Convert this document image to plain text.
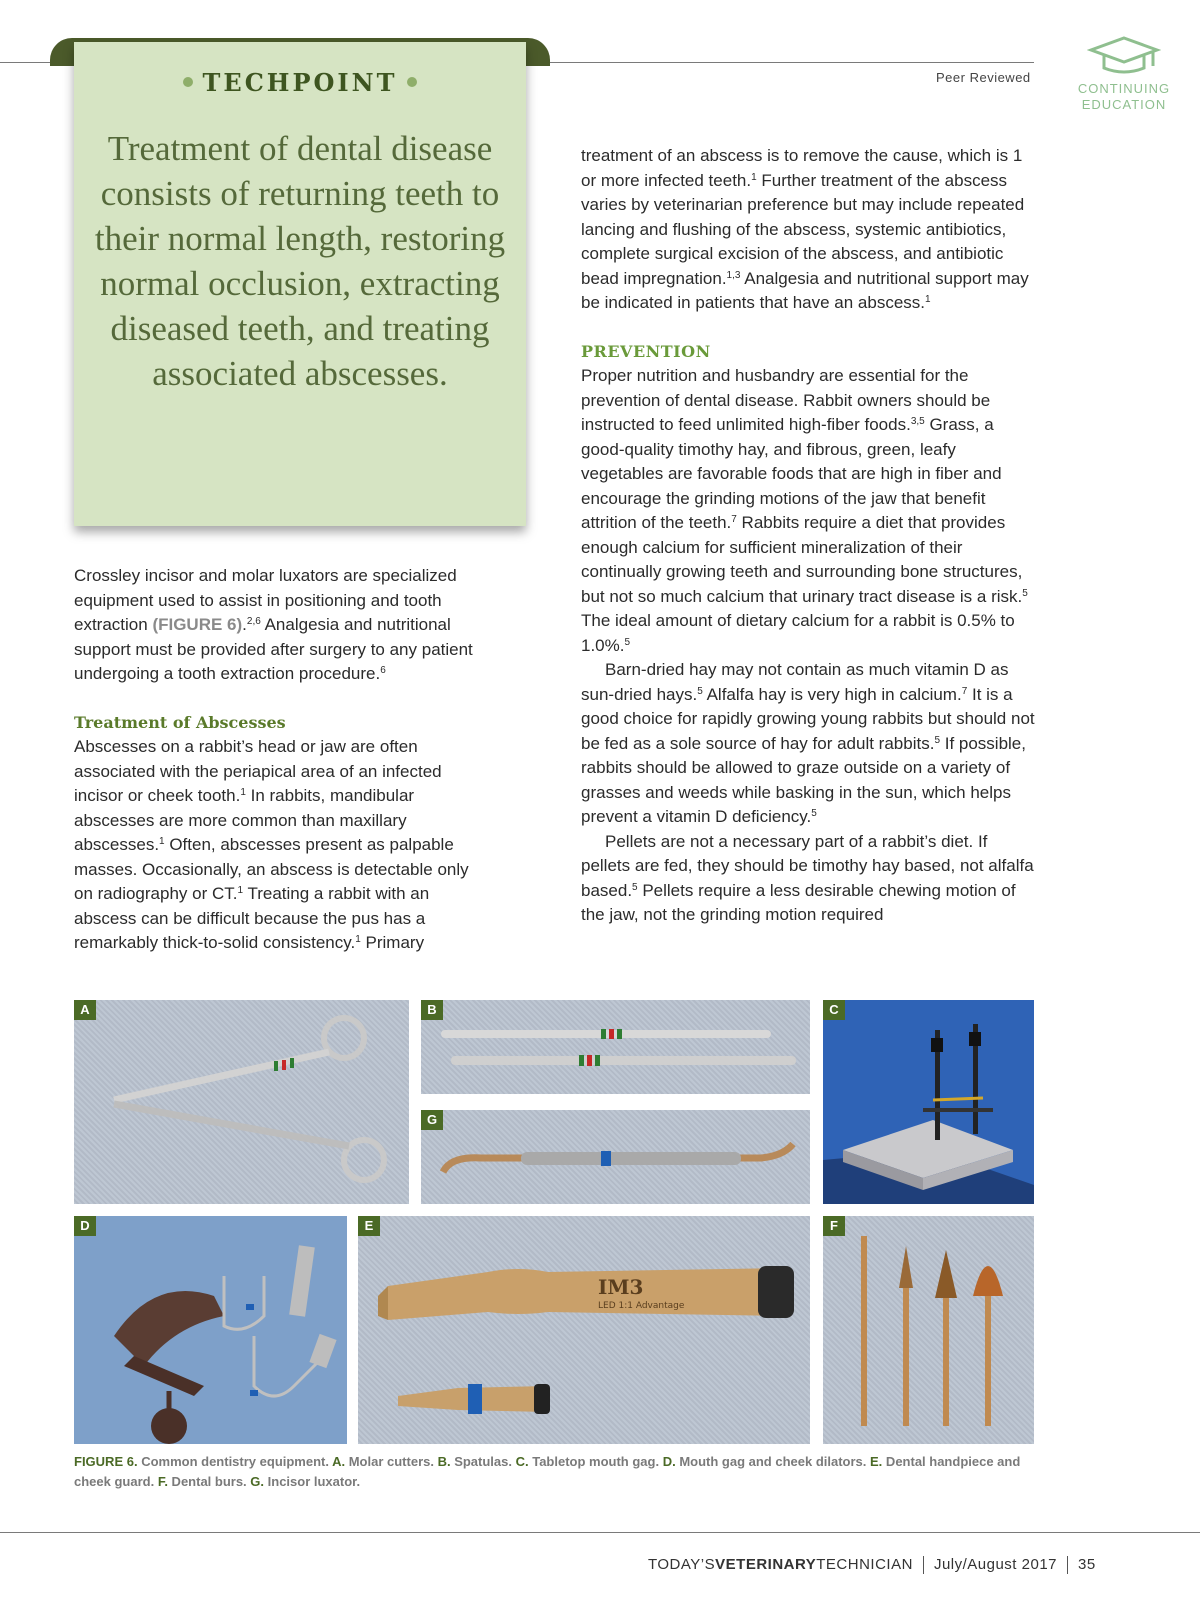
TECHPOINT
Treatment of dental disease consists of returning teeth to their normal length, restoring normal occlusion, extracting diseased teeth, and treating associated abscesses.
Peer Reviewed
CONTINUING
EDUCATION

Crossley incisor and molar luxators are specialized equipment used to assist in positioning and tooth extraction (FIGURE 6).$^{2,6}$ Analgesia and nutritional support must be provided after surgery to any patient undergoing a tooth extraction procedure.$^6$

Treatment of Abscesses

Abscesses on a rabbit’s head or jaw are often associated with the periapical area of an infected incisor or cheek tooth.$^1$ In rabbits, mandibular abscesses are more common than maxillary abscesses.$^1$ Often, abscesses present as palpable masses. Occasionally, an abscess is detectable only on radiography or CT.$^1$ Treating a rabbit with an abscess can be difficult because the pus has a remarkably thick-to-solid consistency.$^1$ Primary

treatment of an abscess is to remove the cause, which is 1 or more infected teeth.$^1$ Further treatment of the abscess varies by veterinarian preference but may include repeated lancing and flushing of the abscess, systemic antibiotics, complete surgical excision of the abscess, and antibiotic bead impregnation.$^{1,3}$ Analgesia and nutritional support may be indicated in patients that have an abscess.$^1$

PREVENTION

Proper nutrition and husbandry are essential for the prevention of dental disease. Rabbit owners should be instructed to feed unlimited high-fiber foods.$^{3,5}$ Grass, a good-quality timothy hay, and fibrous, green, leafy vegetables are favorable foods that are high in fiber and encourage the grinding motions of the jaw that benefit attrition of the teeth.$^7$ Rabbits require a diet that provides enough calcium for sufficient mineralization of their continually growing teeth and surrounding bone structures, but not so much calcium that urinary tract disease is a risk.$^5$ The ideal amount of dietary calcium for a rabbit is 0.5% to 1.0%.$^5$

Barn-dried hay may not contain as much vitamin D as sun-dried hays.$^5$ Alfalfa hay is very high in calcium.$^7$ It is a good choice for rapidly growing young rabbits but should not be fed as a sole source of hay for adult rabbits.$^5$ If possible, rabbits should be allowed to graze outside on a variety of grasses and weeds while basking in the sun, which helps prevent a vitamin D deficiency.$^5$

Pellets are not a necessary part of a rabbit’s diet. If pellets are fed, they should be timothy hay based, not alfalfa based.$^5$ Pellets require a less desirable chewing motion of the jaw, not the grinding motion required

A	B
G
C
D
IM3
LED 1:1 Advantage
E	F
FIGURE 6. Common dentistry equipment. A. Molar cutters. B. Spatulas. C. Tabletop mouth gag. D. Mouth gag and cheek dilators. E. Dental handpiece and cheek guard. F. Dental burs. G. Incisor luxator.
TODAY’SVETERINARYTECHNICIAN July/August 2017 35
